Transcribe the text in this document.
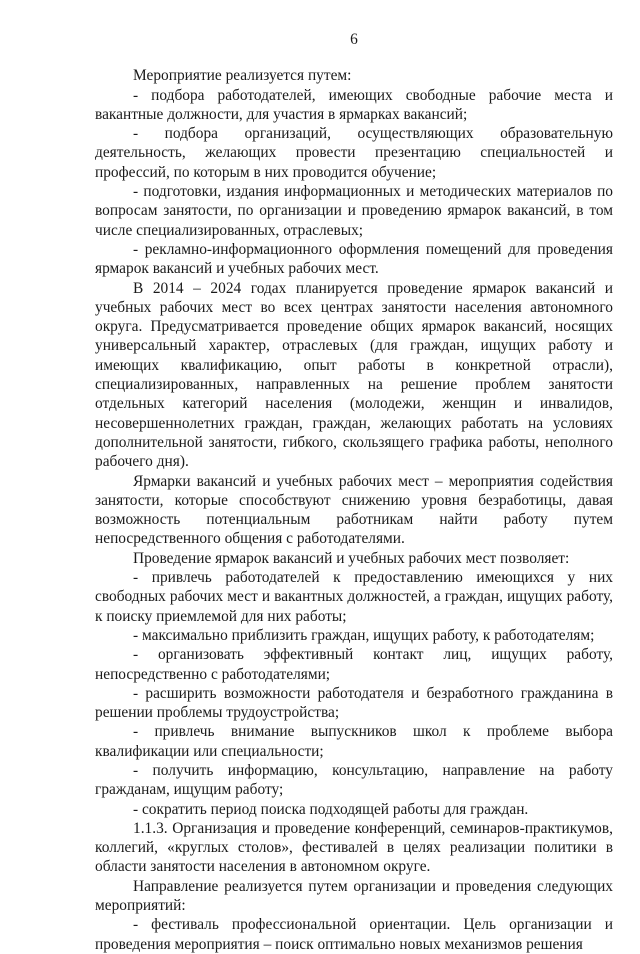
6

Мероприятие реализуется путем:

- подбора работодателей, имеющих свободные рабочие места и вакантные должности, для участия в ярмарках вакансий;

- подбора организаций, осуществляющих образовательную деятельность, желающих провести презентацию специальностей и профессий, по которым в них проводится обучение;

- подготовки, издания информационных и методических материалов по вопросам занятости, по организации и проведению ярмарок вакансий, в том числе специализированных, отраслевых;

- рекламно-информационного оформления помещений для проведения ярмарок вакансий и учебных рабочих мест.

В 2014 – 2024 годах планируется проведение ярмарок вакансий и учебных рабочих мест во всех центрах занятости населения автономного округа. Предусматривается проведение общих ярмарок вакансий, носящих универсальный характер, отраслевых (для граждан, ищущих работу и имеющих квалификацию, опыт работы в конкретной отрасли), специализированных, направленных на решение проблем занятости отдельных категорий населения (молодежи, женщин и инвалидов, несовершеннолетних граждан, граждан, желающих работать на условиях дополнительной занятости, гибкого, скользящего графика работы, неполного рабочего дня).

Ярмарки вакансий и учебных рабочих мест – мероприятия содействия занятости, которые способствуют снижению уровня безработицы, давая возможность потенциальным работникам найти работу путем непосредственного общения с работодателями.

Проведение ярмарок вакансий и учебных рабочих мест позволяет:

- привлечь работодателей к предоставлению имеющихся у них свободных рабочих мест и вакантных должностей, а граждан, ищущих работу, к поиску приемлемой для них работы;

- максимально приблизить граждан, ищущих работу, к работодателям;

- организовать эффективный контакт лиц, ищущих работу, непосредственно с работодателями;

- расширить возможности работодателя и безработного гражданина в решении проблемы трудоустройства;

- привлечь внимание выпускников школ к проблеме выбора квалификации или специальности;

- получить информацию, консультацию, направление на работу гражданам, ищущим работу;

- сократить период поиска подходящей работы для граждан.

1.1.3. Организация и проведение конференций, семинаров-практикумов, коллегий, «круглых столов», фестивалей в целях реализации политики в области занятости населения в автономном округе.

Направление реализуется путем организации и проведения следующих мероприятий:

- фестиваль профессиональной ориентации. Цель организации и проведения мероприятия – поиск оптимально новых механизмов решения
